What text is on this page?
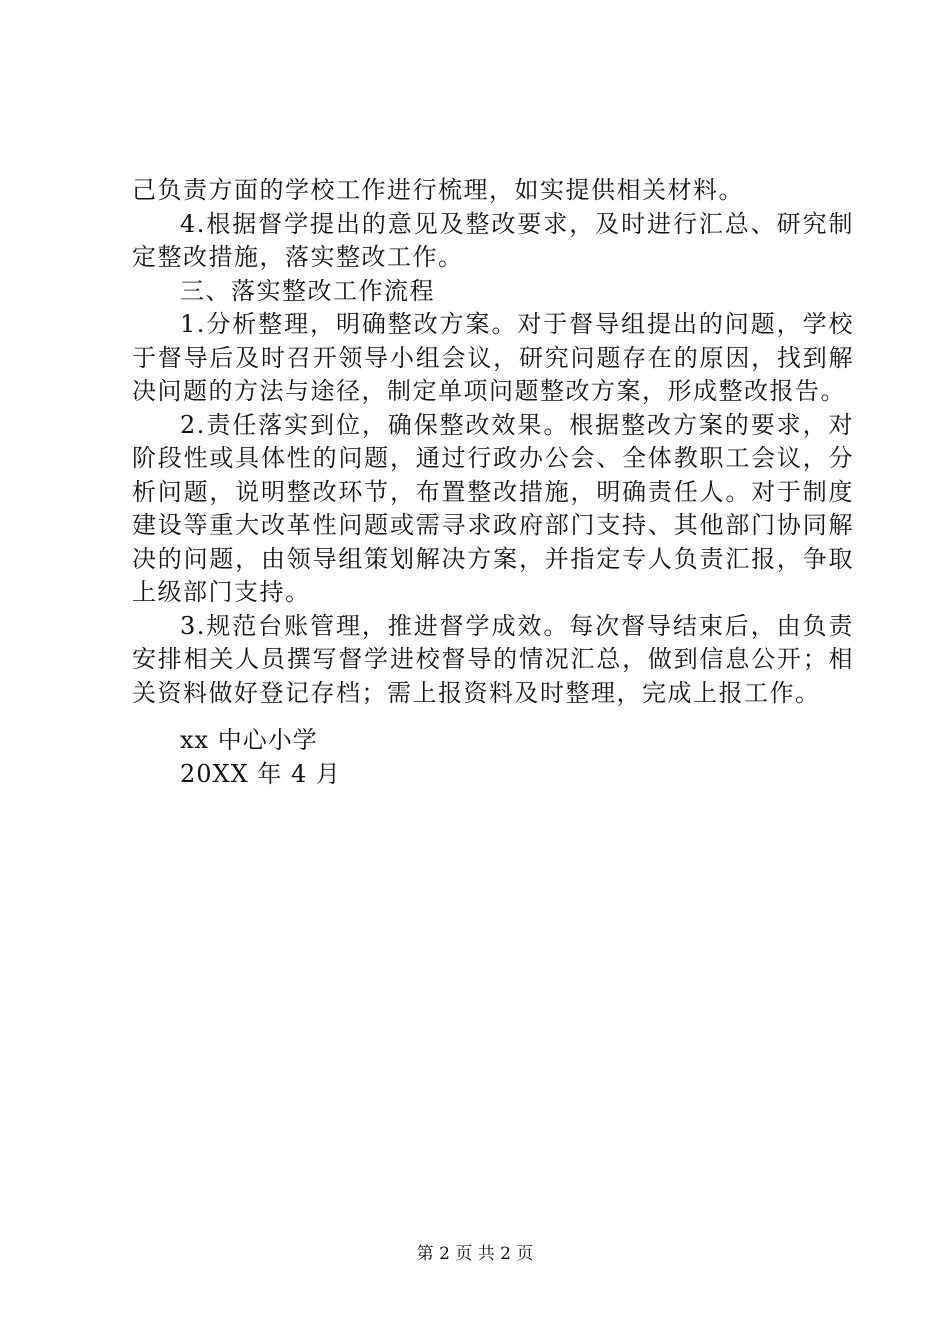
己负责方面的学校工作进行梳理，如实提供相关材料。

4.根据督学提出的意见及整改要求，及时进行汇总、研究制定整改措施，落实整改工作。

三、落实整改工作流程

1.分析整理，明确整改方案。对于督导组提出的问题，学校于督导后及时召开领导小组会议，研究问题存在的原因，找到解决问题的方法与途径，制定单项问题整改方案，形成整改报告。

2.责任落实到位，确保整改效果。根据整改方案的要求，对阶段性或具体性的问题，通过行政办公会、全体教职工会议，分析问题，说明整改环节，布置整改措施，明确责任人。对于制度建设等重大改革性问题或需寻求政府部门支持、其他部门协同解决的问题，由领导组策划解决方案，并指定专人负责汇报，争取上级部门支持。

3.规范台账管理，推进督学成效。每次督导结束后，由负责安排相关人员撰写督学进校督导的情况汇总，做到信息公开；相关资料做好登记存档；需上报资料及时整理，完成上报工作。

xx 中心小学
20XX 年 4 月
第 2 页 共 2 页
